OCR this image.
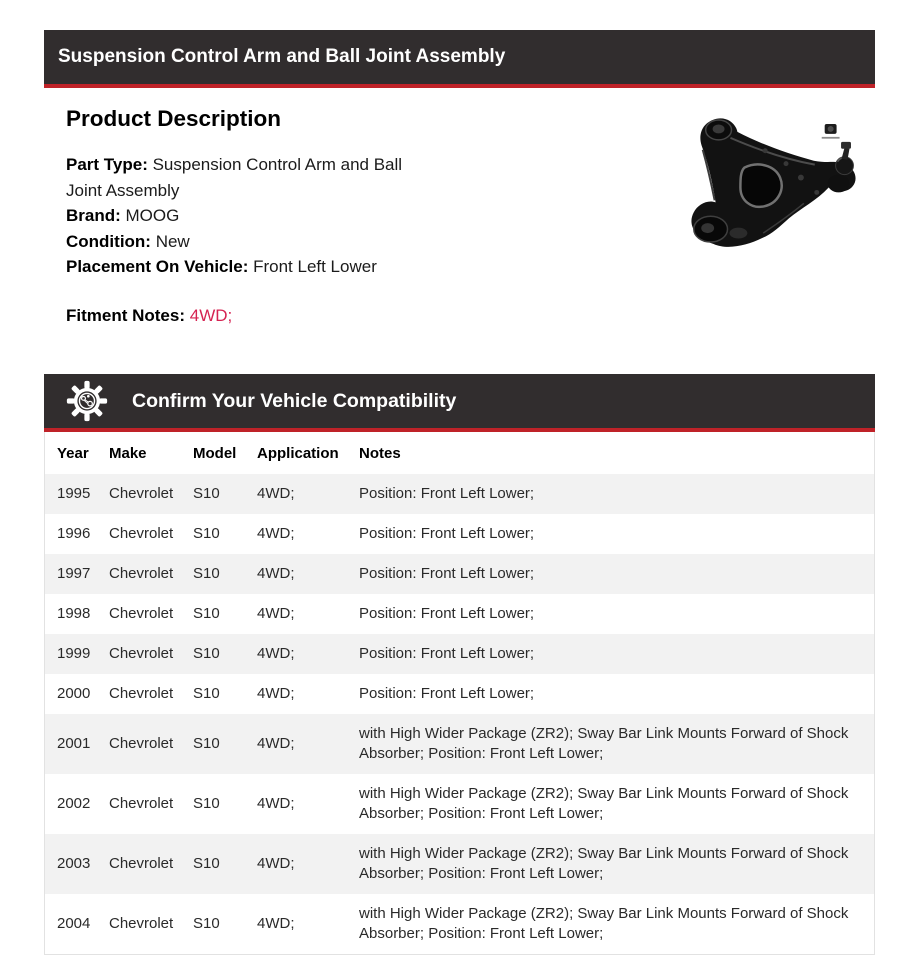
Suspension Control Arm and Ball Joint Assembly
Product Description
Part Type: Suspension Control Arm and Ball Joint Assembly
Brand: MOOG
Condition: New
Placement On Vehicle: Front Left Lower

Fitment Notes: 4WD;

Confirm Your Vehicle Compatibility
Year	Make	Model	Application	Notes
1995	Chevrolet	S10	4WD;	Position: Front Left Lower;
1996	Chevrolet	S10	4WD;	Position: Front Left Lower;
1997	Chevrolet	S10	4WD;	Position: Front Left Lower;
1998	Chevrolet	S10	4WD;	Position: Front Left Lower;
1999	Chevrolet	S10	4WD;	Position: Front Left Lower;
2000	Chevrolet	S10	4WD;	Position: Front Left Lower;
2001	Chevrolet	S10	4WD;	with High Wider Package (ZR2); Sway Bar Link Mounts Forward of Shock Absorber; Position: Front Left Lower;
2002	Chevrolet	S10	4WD;	with High Wider Package (ZR2); Sway Bar Link Mounts Forward of Shock Absorber; Position: Front Left Lower;
2003	Chevrolet	S10	4WD;	with High Wider Package (ZR2); Sway Bar Link Mounts Forward of Shock Absorber; Position: Front Left Lower;
2004	Chevrolet	S10	4WD;	with High Wider Package (ZR2); Sway Bar Link Mounts Forward of Shock Absorber; Position: Front Left Lower;
